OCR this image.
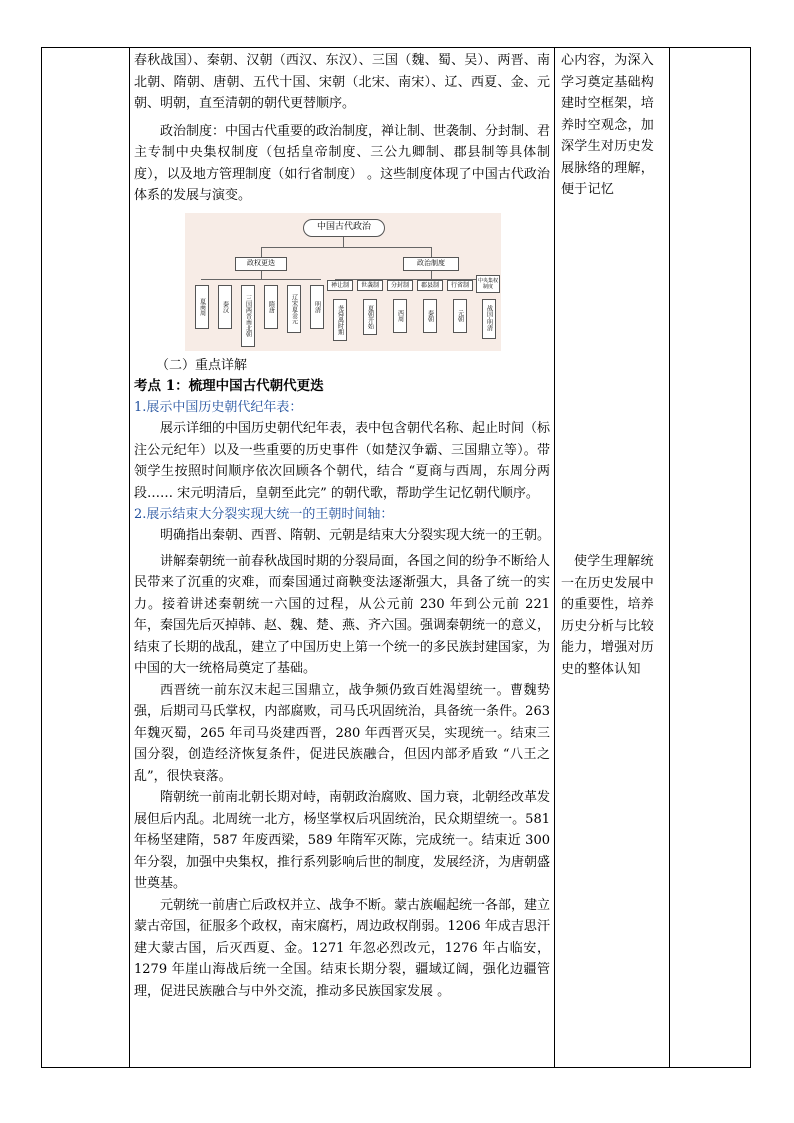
春秋战国）、秦朝、汉朝（西汉、东汉）、三国（魏、蜀、吴）、两晋、南北朝、隋朝、唐朝、五代十国、宋朝（北宋、南宋）、辽、西夏、金、元朝、明朝，直至清朝的朝代更替顺序。

政治制度：中国古代重要的政治制度，禅让制、世袭制、分封制、君主专制中央集权制度（包括皇帝制度、三公九卿制、郡县制等具体制度），以及地方管理制度（如行省制度） 。这些制度体现了中国古代政治体系的发展与演变。

中国古代政治
政权更迭	政治制度
夏商周	秦汉	三国两晋南北朝	隋唐	辽宋夏金元	明清
禅让制	世袭制	分封制	郡县制	行省制
中央集权制度
尧舜禹时期	夏朝开始	西周	秦朝	元朝	战国-明清

（二）重点详解

考点 1：梳理中国古代朝代更迭

1.展示中国历史朝代纪年表：

展示详细的中国历史朝代纪年表，表中包含朝代名称、起止时间（标注公元纪年）以及一些重要的历史事件（如楚汉争霸、三国鼎立等）。带领学生按照时间顺序依次回顾各个朝代，结合 “夏商与西周，东周分两段…… 宋元明清后，皇朝至此完” 的朝代歌，帮助学生记忆朝代顺序。

2.展示结束大分裂实现大统一的王朝时间轴：

明确指出秦朝、西晋、隋朝、元朝是结束大分裂实现大统一的王朝。

讲解秦朝统一前春秋战国时期的分裂局面，各国之间的纷争不断给人民带来了沉重的灾难，而秦国通过商鞅变法逐渐强大，具备了统一的实力。接着讲述秦朝统一六国的过程，从公元前 230 年到公元前 221 年，秦国先后灭掉韩、赵、魏、楚、燕、齐六国。强调秦朝统一的意义，结束了长期的战乱，建立了中国历史上第一个统一的多民族封建国家，为中国的大一统格局奠定了基础。

西晋统一前东汉末起三国鼎立，战争频仍致百姓渴望统一。曹魏势强，后期司马氏掌权，内部腐败，司马氏巩固统治，具备统一条件。263 年魏灭蜀，265 年司马炎建西晋，280 年西晋灭吴，实现统一。结束三国分裂，创造经济恢复条件，促进民族融合，但因内部矛盾致 “八王之乱”，很快衰落。

隋朝统一前南北朝长期对峙，南朝政治腐败、国力衰，北朝经改革发展但后内乱。北周统一北方，杨坚掌权后巩固统治，民众期望统一。581 年杨坚建隋，587 年废西梁，589 年隋军灭陈，完成统一。结束近 300 年分裂，加强中央集权，推行系列影响后世的制度，发展经济，为唐朝盛世奠基。

元朝统一前唐亡后政权并立、战争不断。蒙古族崛起统一各部，建立蒙古帝国，征服多个政权，南宋腐朽，周边政权削弱。1206 年成吉思汗建大蒙古国，后灭西夏、金。1271 年忽必烈改元，1276 年占临安，1279 年崖山海战后统一全国。结束长期分裂，疆域辽阔，强化边疆管理，促进民族融合与中外交流，推动多民族国家发展 。

心内容，为深入学习奠定基础构建时空框架，培养时空观念，加深学生对历史发展脉络的理解，便于记忆

使学生理解统一在历史发展中的重要性，培养历史分析与比较能力，增强对历史的整体认知
